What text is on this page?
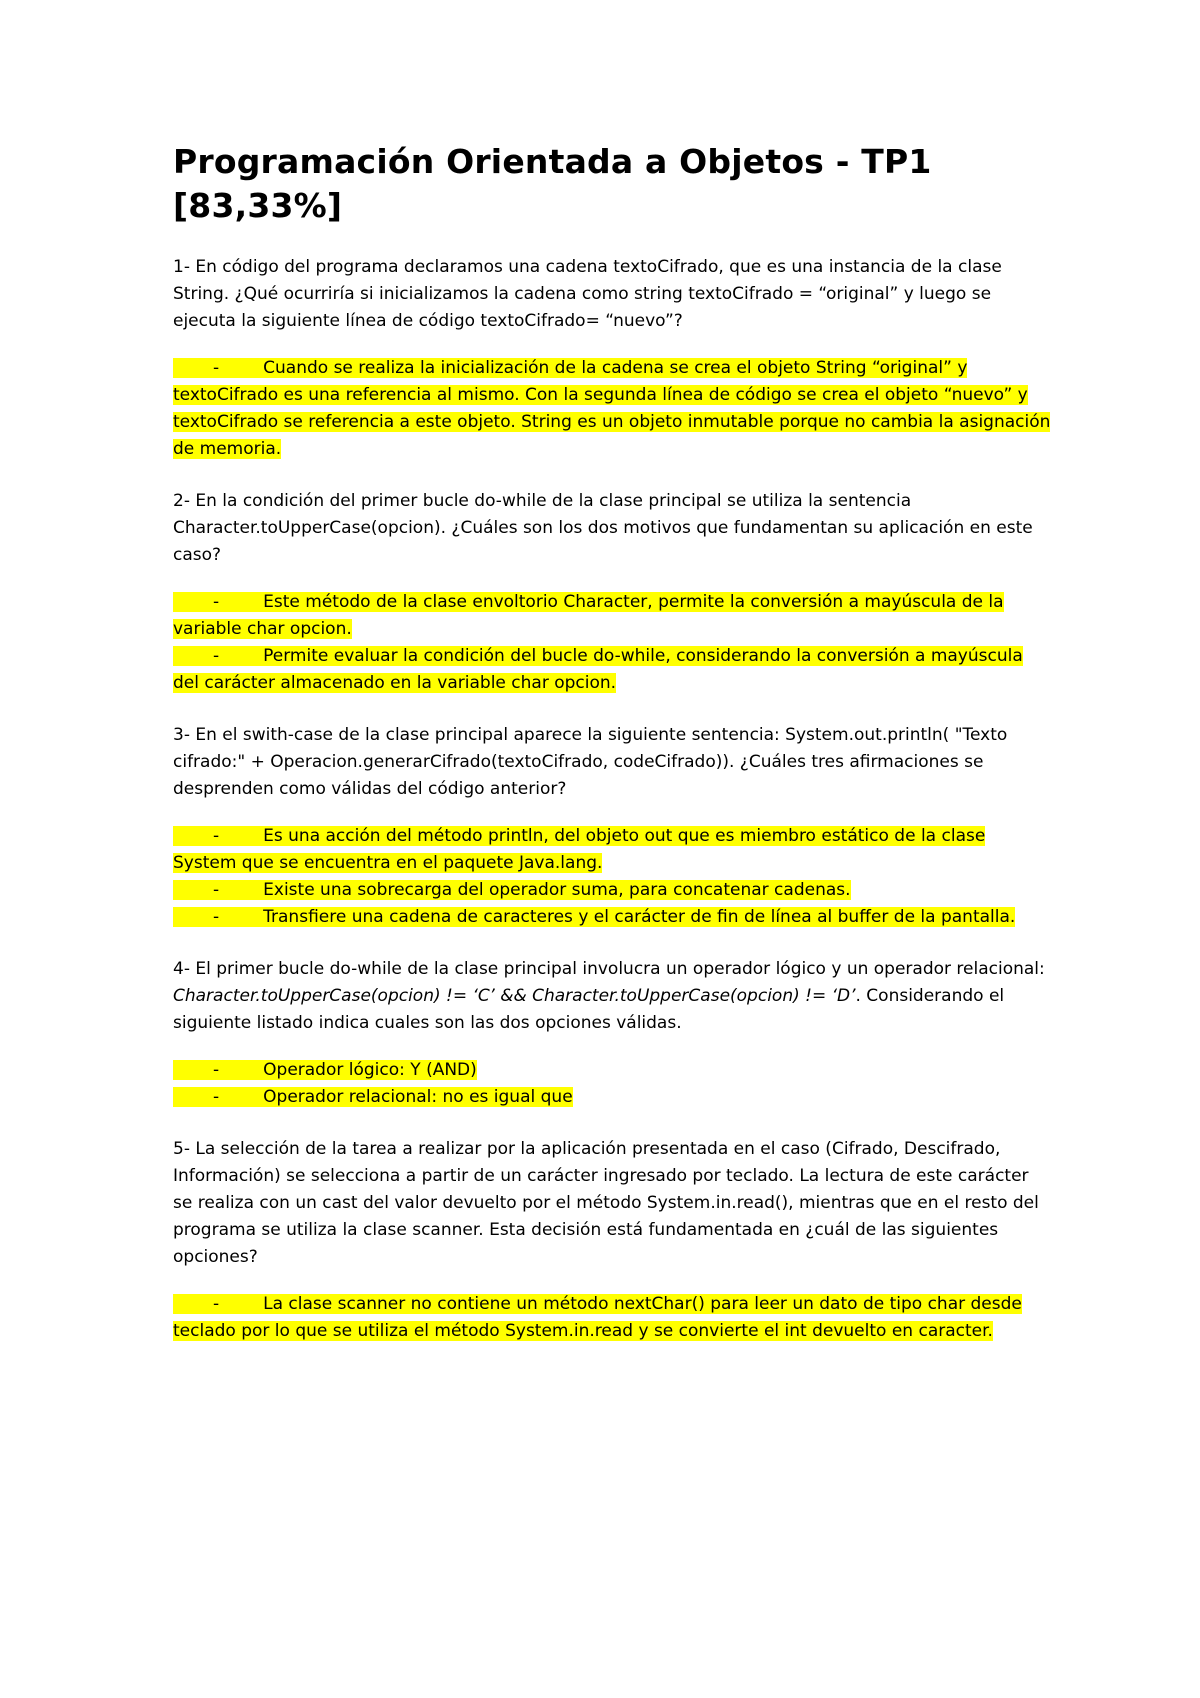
Programación Orientada a Objetos - TP1
[83,33%]

1- En código del programa declaramos una cadena textoCifrado, que es una instancia de la clase String. ¿Qué ocurriría si inicializamos la cadena como string textoCifrado = “original” y luego se ejecuta la siguiente línea de código textoCifrado= “nuevo”?

-	Cuando se realiza la inicialización de la cadena se crea el objeto String “original” y textoCifrado es una referencia al mismo. Con la segunda línea de código se crea el objeto “nuevo” y textoCifrado se referencia a este objeto. String es un objeto inmutable porque no cambia la asignación de memoria.

2- En la condición del primer bucle do-while de la clase principal se utiliza la sentencia Character.toUpperCase(opcion). ¿Cuáles son los dos motivos que fundamentan su aplicación en este caso?

-	Este método de la clase envoltorio Character, permite la conversión a mayúscula de la variable char opcion.

-	Permite evaluar la condición del bucle do-while, considerando la conversión a mayúscula del carácter almacenado en la variable char opcion.

3- En el swith-case de la clase principal aparece la siguiente sentencia: System.out.println( "Texto cifrado:" + Operacion.generarCifrado(textoCifrado, codeCifrado)). ¿Cuáles tres afirmaciones se desprenden como válidas del código anterior?

-	Es una acción del método println, del objeto out que es miembro estático de la clase System que se encuentra en el paquete Java.lang.

-	Existe una sobrecarga del operador suma, para concatenar cadenas.

-	Transfiere una cadena de caracteres y el carácter de fin de línea al buffer de la pantalla.

4- El primer bucle do-while de la clase principal involucra un operador lógico y un operador relacional: Character.toUpperCase(opcion) != ‘C’ && Character.toUpperCase(opcion) != ‘D’. Considerando el siguiente listado indica cuales son las dos opciones válidas.

-	Operador lógico: Y (AND)

-	Operador relacional: no es igual que

5- La selección de la tarea a realizar por la aplicación presentada en el caso (Cifrado, Descifrado, Información) se selecciona a partir de un carácter ingresado por teclado. La lectura de este carácter se realiza con un cast del valor devuelto por el método System.in.read(), mientras que en el resto del programa se utiliza la clase scanner. Esta decisión está fundamentada en ¿cuál de las siguientes opciones?

-	La clase scanner no contiene un método nextChar() para leer un dato de tipo char desde teclado por lo que se utiliza el método System.in.read y se convierte el int devuelto en caracter.
